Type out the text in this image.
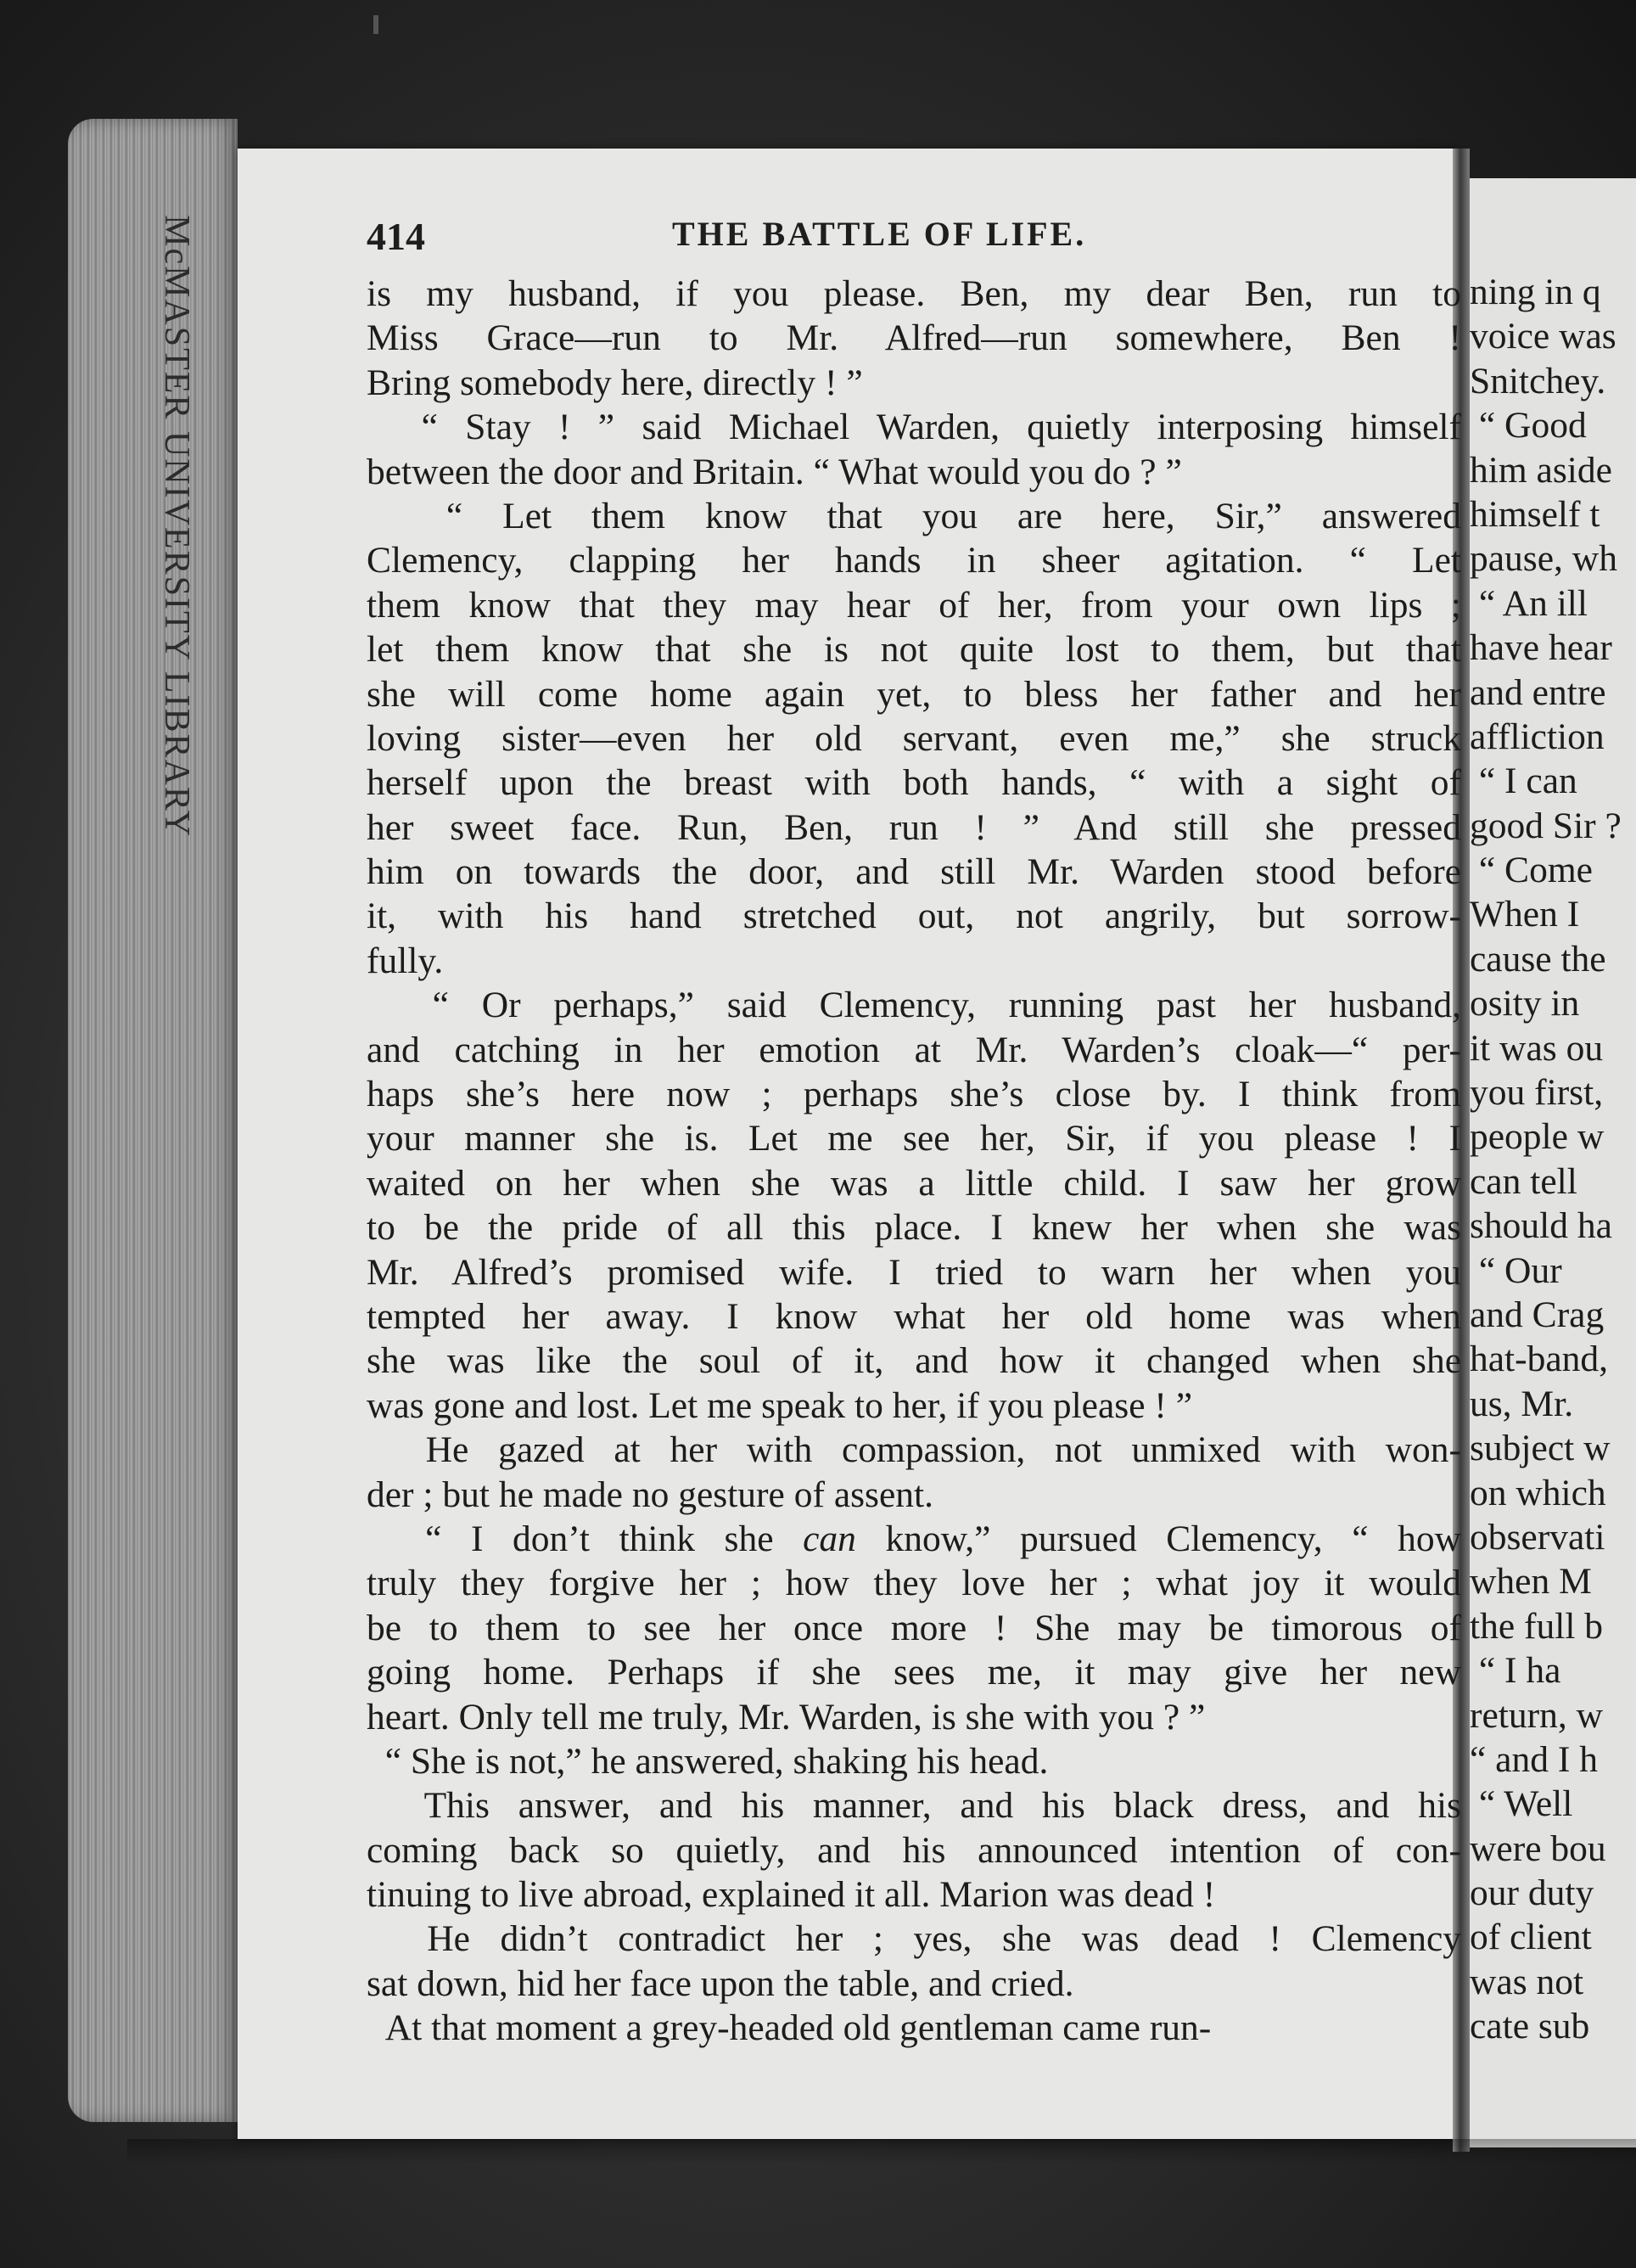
McMASTER UNIVERSITY LIBRARY	414	THE BATTLE OF LIFE.
is my husband, if you please. Ben, my dear Ben, run to
Miss Grace—run to Mr. Alfred—run somewhere, Ben !
Bring somebody here, directly ! ”
“ Stay ! ” said Michael Warden, quietly interposing himself
between the door and Britain. “ What would you do ? ”
“ Let them know that you are here, Sir,” answered
Clemency, clapping her hands in sheer agitation. “ Let
them know that they may hear of her, from your own lips ;
let them know that she is not quite lost to them, but that
she will come home again yet, to bless her father and her
loving sister—even her old servant, even me,” she struck
herself upon the breast with both hands, “ with a sight of
her sweet face. Run, Ben, run ! ” And still she pressed
him on towards the door, and still Mr. Warden stood before
it, with his hand stretched out, not angrily, but sorrow-
fully.
“ Or perhaps,” said Clemency, running past her husband,
and catching in her emotion at Mr. Warden’s cloak—“ per-
haps she’s here now ; perhaps she’s close by. I think from
your manner she is. Let me see her, Sir, if you please ! I
waited on her when she was a little child. I saw her grow
to be the pride of all this place. I knew her when she was
Mr. Alfred’s promised wife. I tried to warn her when you
tempted her away. I know what her old home was when
she was like the soul of it, and how it changed when she
was gone and lost. Let me speak to her, if you please ! ”
He gazed at her with compassion, not unmixed with won-
der ; but he made no gesture of assent.
“ I don’t think she can know,” pursued Clemency, “ how
truly they forgive her ; how they love her ; what joy it would
be to them to see her once more ! She may be timorous of
going home. Perhaps if she sees me, it may give her new
heart. Only tell me truly, Mr. Warden, is she with you ? ”
“ She is not,” he answered, shaking his head.
This answer, and his manner, and his black dress, and his
coming back so quietly, and his announced intention of con-
tinuing to live abroad, explained it all. Marion was dead !
He didn’t contradict her ; yes, she was dead ! Clemency
sat down, hid her face upon the table, and cried.
At that moment a grey-headed old gentleman came run-
ning in q
voice was
Snitchey.
“ Good
him aside
himself t
pause, wh
“ An ill
have hear
and entre
affliction
“ I can
good Sir ?
“ Come
When I
cause the
osity in
it was ou
you first,
people w
can tell
should ha
“ Our
and Crag
hat-band,
us, Mr.
subject w
on which
observati
when M
the full b
“ I ha
return, w
“ and I h
“ Well
were bou
our duty
of client
was not
cate sub
